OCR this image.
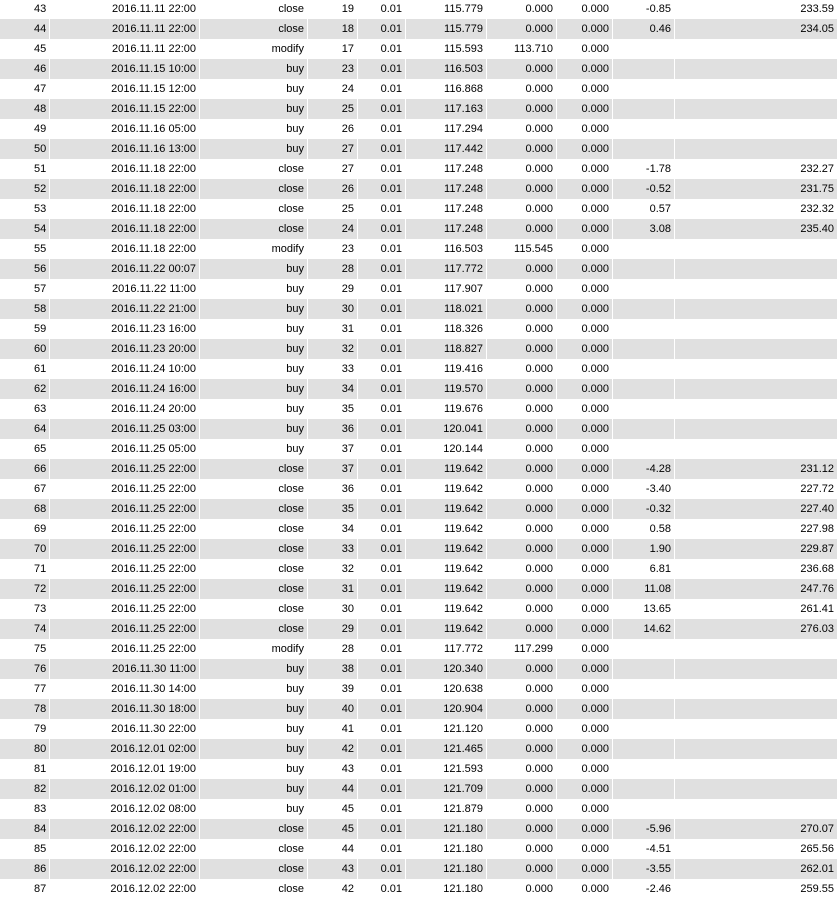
43	2016.11.11 22:00	close	19	0.01	115.779	0.000	0.000	-0.85	233.59
44	2016.11.11 22:00	close	18	0.01	115.779	0.000	0.000	0.46	234.05
45	2016.11.11 22:00	modify	17	0.01	115.593	113.710	0.000		
46	2016.11.15 10:00	buy	23	0.01	116.503	0.000	0.000		
47	2016.11.15 12:00	buy	24	0.01	116.868	0.000	0.000		
48	2016.11.15 22:00	buy	25	0.01	117.163	0.000	0.000		
49	2016.11.16 05:00	buy	26	0.01	117.294	0.000	0.000		
50	2016.11.16 13:00	buy	27	0.01	117.442	0.000	0.000		
51	2016.11.18 22:00	close	27	0.01	117.248	0.000	0.000	-1.78	232.27
52	2016.11.18 22:00	close	26	0.01	117.248	0.000	0.000	-0.52	231.75
53	2016.11.18 22:00	close	25	0.01	117.248	0.000	0.000	0.57	232.32
54	2016.11.18 22:00	close	24	0.01	117.248	0.000	0.000	3.08	235.40
55	2016.11.18 22:00	modify	23	0.01	116.503	115.545	0.000		
56	2016.11.22 00:07	buy	28	0.01	117.772	0.000	0.000		
57	2016.11.22 11:00	buy	29	0.01	117.907	0.000	0.000		
58	2016.11.22 21:00	buy	30	0.01	118.021	0.000	0.000		
59	2016.11.23 16:00	buy	31	0.01	118.326	0.000	0.000		
60	2016.11.23 20:00	buy	32	0.01	118.827	0.000	0.000		
61	2016.11.24 10:00	buy	33	0.01	119.416	0.000	0.000		
62	2016.11.24 16:00	buy	34	0.01	119.570	0.000	0.000		
63	2016.11.24 20:00	buy	35	0.01	119.676	0.000	0.000		
64	2016.11.25 03:00	buy	36	0.01	120.041	0.000	0.000		
65	2016.11.25 05:00	buy	37	0.01	120.144	0.000	0.000		
66	2016.11.25 22:00	close	37	0.01	119.642	0.000	0.000	-4.28	231.12
67	2016.11.25 22:00	close	36	0.01	119.642	0.000	0.000	-3.40	227.72
68	2016.11.25 22:00	close	35	0.01	119.642	0.000	0.000	-0.32	227.40
69	2016.11.25 22:00	close	34	0.01	119.642	0.000	0.000	0.58	227.98
70	2016.11.25 22:00	close	33	0.01	119.642	0.000	0.000	1.90	229.87
71	2016.11.25 22:00	close	32	0.01	119.642	0.000	0.000	6.81	236.68
72	2016.11.25 22:00	close	31	0.01	119.642	0.000	0.000	11.08	247.76
73	2016.11.25 22:00	close	30	0.01	119.642	0.000	0.000	13.65	261.41
74	2016.11.25 22:00	close	29	0.01	119.642	0.000	0.000	14.62	276.03
75	2016.11.25 22:00	modify	28	0.01	117.772	117.299	0.000		
76	2016.11.30 11:00	buy	38	0.01	120.340	0.000	0.000		
77	2016.11.30 14:00	buy	39	0.01	120.638	0.000	0.000		
78	2016.11.30 18:00	buy	40	0.01	120.904	0.000	0.000		
79	2016.11.30 22:00	buy	41	0.01	121.120	0.000	0.000		
80	2016.12.01 02:00	buy	42	0.01	121.465	0.000	0.000		
81	2016.12.01 19:00	buy	43	0.01	121.593	0.000	0.000		
82	2016.12.02 01:00	buy	44	0.01	121.709	0.000	0.000		
83	2016.12.02 08:00	buy	45	0.01	121.879	0.000	0.000		
84	2016.12.02 22:00	close	45	0.01	121.180	0.000	0.000	-5.96	270.07
85	2016.12.02 22:00	close	44	0.01	121.180	0.000	0.000	-4.51	265.56
86	2016.12.02 22:00	close	43	0.01	121.180	0.000	0.000	-3.55	262.01
87	2016.12.02 22:00	close	42	0.01	121.180	0.000	0.000	-2.46	259.55
